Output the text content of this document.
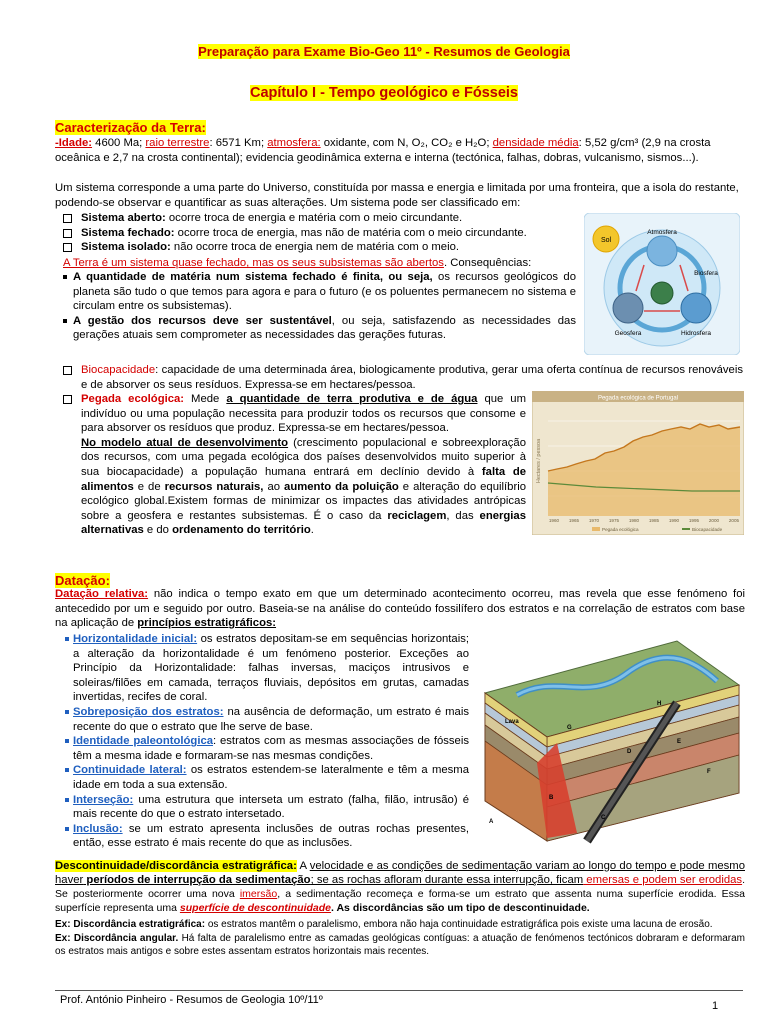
Preparação para Exame Bio-Geo 11º - Resumos de Geologia
Capítulo I - Tempo geológico e Fósseis
Caracterização da Terra:
-Idade: 4600 Ma; raio terrestre: 6571 Km; atmosfera: oxidante, com N, O₂, CO₂ e H₂O; densidade média: 5,52 g/cm³ (2,9 na crosta oceânica e 2,7 na crosta continental); evidencia geodinâmica externa e interna (tectónica, falhas, dobras, vulcanismo, sismos...).
Um sistema corresponde a uma parte do Universo, constituída por massa e energia e limitada por uma fronteira, que a isola do restante, podendo-se observar e quantificar as suas alterações. Um sistema pode ser classificado em:
Sistema aberto: ocorre troca de energia e matéria com o meio circundante.
Sistema fechado: ocorre troca de energia, mas não de matéria com o meio circundante.
Sistema isolado: não ocorre troca de energia nem de matéria com o meio.
A Terra é um sistema quase fechado, mas os seus subsistemas são abertos. Consequências:
A quantidade de matéria num sistema fechado é finita, ou seja, os recursos geológicos do planeta são tudo o que temos para agora e para o futuro (e os poluentes permanecem no sistema e circulam entre os subsistemas).
A gestão dos recursos deve ser sustentável, ou seja, satisfazendo as necessidades das gerações atuais sem comprometer as necessidades das gerações futuras.
Sol
Atmosfera
Geosfera	Hidrosfera
Biosfera
Biocapacidade: capacidade de uma determinada área, biologicamente produtiva, gerar uma oferta contínua de recursos renováveis e de absorver os seus resíduos. Expressa-se em hectares/pessoa.
Pegada ecológica: Mede a quantidade de terra produtiva e de água que um indivíduo ou uma população necessita para produzir todos os recursos que consome e para absorver os resíduos que produz. Expressa-se em hectares/pessoa.
No modelo atual de desenvolvimento (crescimento populacional e sobreexploração dos recursos, com uma pegada ecológica dos países desenvolvidos muito superior à sua biocapacidade) a população humana entrará em declínio devido à falta de alimentos e de recursos naturais, ao aumento da poluição e alteração do equilíbrio ecológico global.Existem formas de minimizar os impactes das atividades antrópicas sobre a geosfera e restantes subsistemas. É o caso da reciclagem, das energias alternativas e do ordenamento do território.
Pegada ecológica de Portugal
Hectares / pessoa
1960 1965 1970 1975 1980 1985 1990 1995 2000 2005
Pegada ecológica	Biocapacidade
Datação:
Datação relativa: não indica o tempo exato em que um determinado acontecimento ocorreu, mas revela que esse fenómeno foi antecedido por um e seguido por outro. Baseia-se na análise do conteúdo fossilífero dos estratos e na correlação de estratos com base na aplicação de princípios estratigráficos:
Horizontalidade inicial: os estratos depositam-se em sequências horizontais; a alteração da horizontalidade é um fenómeno posterior. Exceções ao Princípio da Horizontalidade: falhas inversas, maciços intrusivos e soleiras/filões em camada, terraços fluviais, depósitos em grutas, camadas invertidas, recifes de coral.
Sobreposição dos estratos: na ausência de deformação, um estrato é mais recente do que o estrato que lhe serve de base.
Identidade paleontológica: estratos com as mesmas associações de fósseis têm a mesma idade e formaram-se nas mesmas condições.
Continuidade lateral: os estratos estendem-se lateralmente e têm a mesma idade em toda a sua extensão.
Interseção: uma estrutura que interseta um estrato (falha, filão, intrusão) é mais recente do que o estrato intersetado.
Inclusão: se um estrato apresenta inclusões de outras rochas presentes, então, esse estrato é mais recente do que as inclusões.
Lava
A
B
C
D
E
F
G
H
Descontinuidade/discordância estratigráfica: A velocidade e as condições de sedimentação variam ao longo do tempo e pode mesmo haver períodos de interrupção da sedimentação; se as rochas afloram durante essa interrupção, ficam emersas e podem ser erodidas. Se posteriormente ocorrer uma nova imersão, a sedimentação recomeça e forma-se um estrato que assenta numa superfície erodida. Essa superfície representa uma superfície de descontinuidade. As discordâncias são um tipo de descontinuidade.
Ex: Discordância estratigráfica: os estratos mantêm o paralelismo, embora não haja continuidade estratigráfica pois existe uma lacuna de erosão.
Ex: Discordância angular. Há falta de paralelismo entre as camadas geológicas contíguas: a atuação de fenómenos tectónicos dobraram e deformaram os estratos mais antigos e sobre estes assentam estratos horizontais mais recentes.
Prof. António Pinheiro - Resumos de Geologia 10º/11º	1
